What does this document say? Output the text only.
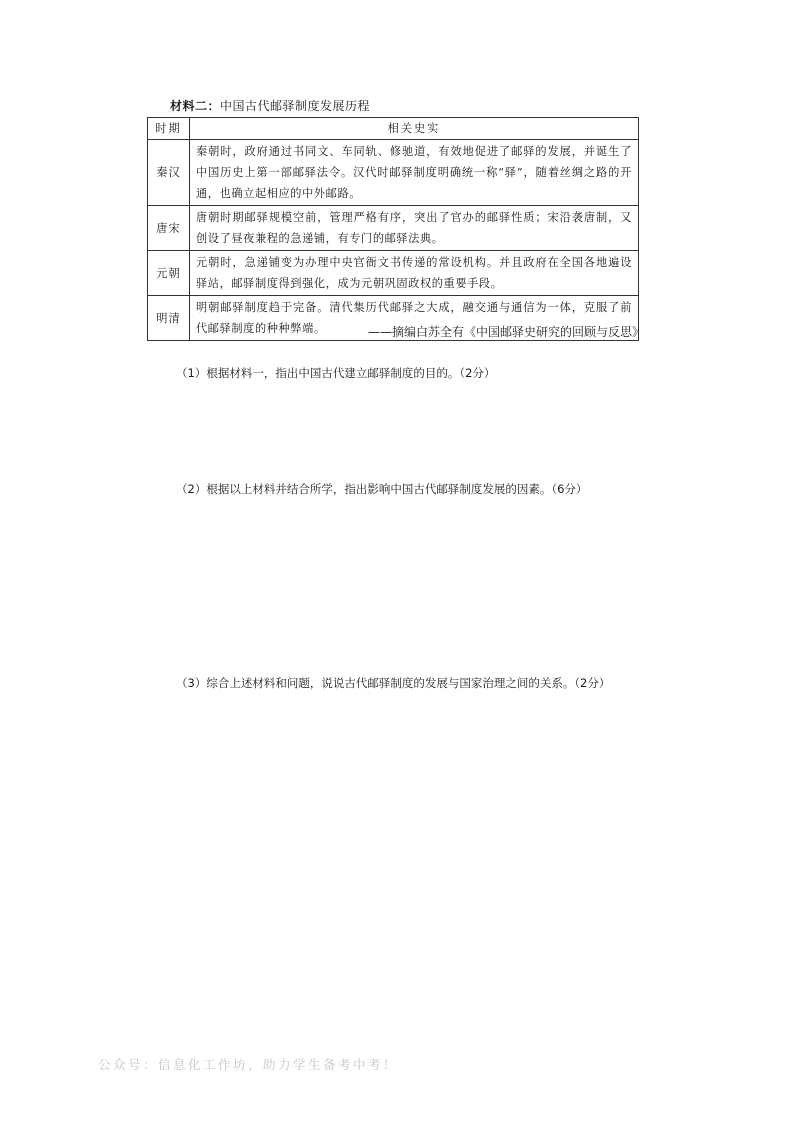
材料二：中国古代邮驿制度发展历程
时期	相关史实
秦汉	秦朝时，政府通过书同文、车同轨、修驰道，有效地促进了邮驿的发展，并诞生了中国历史上第一部邮驿法令。汉代时邮驿制度明确统一称“驿”，随着丝绸之路的开通，也确立起相应的中外邮路。
唐宋	唐朝时期邮驿规模空前，管理严格有序，突出了官办的邮驿性质；宋沿袭唐制，又创设了昼夜兼程的急递铺，有专门的邮驿法典。
元朝	元朝时，急递铺变为办理中央官衙文书传递的常设机构。并且政府在全国各地遍设驿站，邮驿制度得到强化，成为元朝巩固政权的重要手段。
明清	明朝邮驿制度趋于完备。清代集历代邮驿之大成，融交通与通信为一体，克服了前代邮驿制度的种种弊端。	——摘编白苏全有《中国邮驿史研究的回顾与反思》
（1）根据材料一，指出中国古代建立邮驿制度的目的。（2分）
（2）根据以上材料并结合所学，指出影响中国古代邮驿制度发展的因素。（6分）
（3）综合上述材料和问题，说说古代邮驿制度的发展与国家治理之间的关系。（2分）
公众号：信息化工作坊，助力学生备考中考！
